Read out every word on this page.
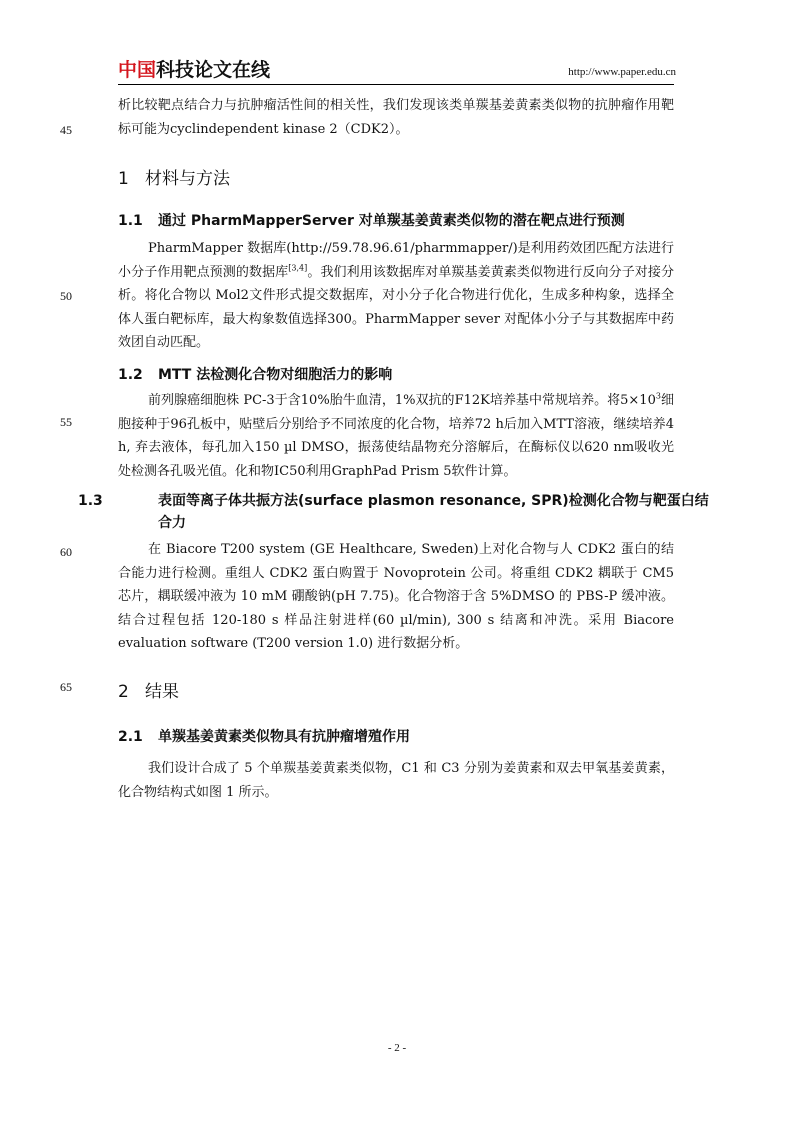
中国 科技论文在线	http://www.paper.edu.cn
45
50
55
60
65

析比较靶点结合力与抗肿瘤活性间的相关性，我们发现该类单羰基姜黄素类似物的抗肿瘤作用靶标可能为cyclindependent kinase 2（CDK2）。

1 材料与方法
1.1 通过 PharmMapperServer 对单羰基姜黄素类似物的潜在靶点进行预测

PharmMapper 数据库(http://59.78.96.61/pharmmapper/)是利用药效团匹配方法进行小分子作用靶点预测的数据库[3,4]。我们利用该数据库对单羰基姜黄素类似物进行反向分子对接分析。将化合物以 Mol2文件形式提交数据库，对小分子化合物进行优化，生成多种构象，选择全体人蛋白靶标库，最大构象数值选择300。PharmMapper sever 对配体小分子与其数据库中药效团自动匹配。

1.2 MTT 法检测化合物对细胞活力的影响

前列腺癌细胞株 PC-3于含10%胎牛血清，1%双抗的F12K培养基中常规培养。将$5\times 10^3$细胞接种于96孔板中，贴壁后分别给予不同浓度的化合物，培养72 h后加入MTT溶液，继续培养4 h, 弃去液体，每孔加入150 µl DMSO，振荡使结晶物充分溶解后，在酶标仪以620 nm吸收光处检测各孔吸光值。化和物IC50利用GraphPad Prism 5软件计算。

1.3	表面等离子体共振方法(surface plasmon resonance, SPR)检测化合物与靶蛋白结合力

在 Biacore T200 system (GE Healthcare, Sweden)上对化合物与人 CDK2 蛋白的结合能力进行检测。重组人 CDK2 蛋白购置于 Novoprotein 公司。将重组 CDK2 耦联于 CM5 芯片，耦联缓冲液为 10 mM 硼酸钠(pH 7.75)。化合物溶于含 5%DMSO 的 PBS-P 缓冲液。结合过程包括 120-180 s 样品注射进样(60 µl/min), 300 s 结离和冲洗。采用 Biacore evaluation software (T200 version 1.0) 进行数据分析。

2 结果
2.1 单羰基姜黄素类似物具有抗肿瘤增殖作用

我们设计合成了 5 个单羰基姜黄素类似物，C1 和 C3 分别为姜黄素和双去甲氧基姜黄素，化合物结构式如图 1 所示。

- 2 -
